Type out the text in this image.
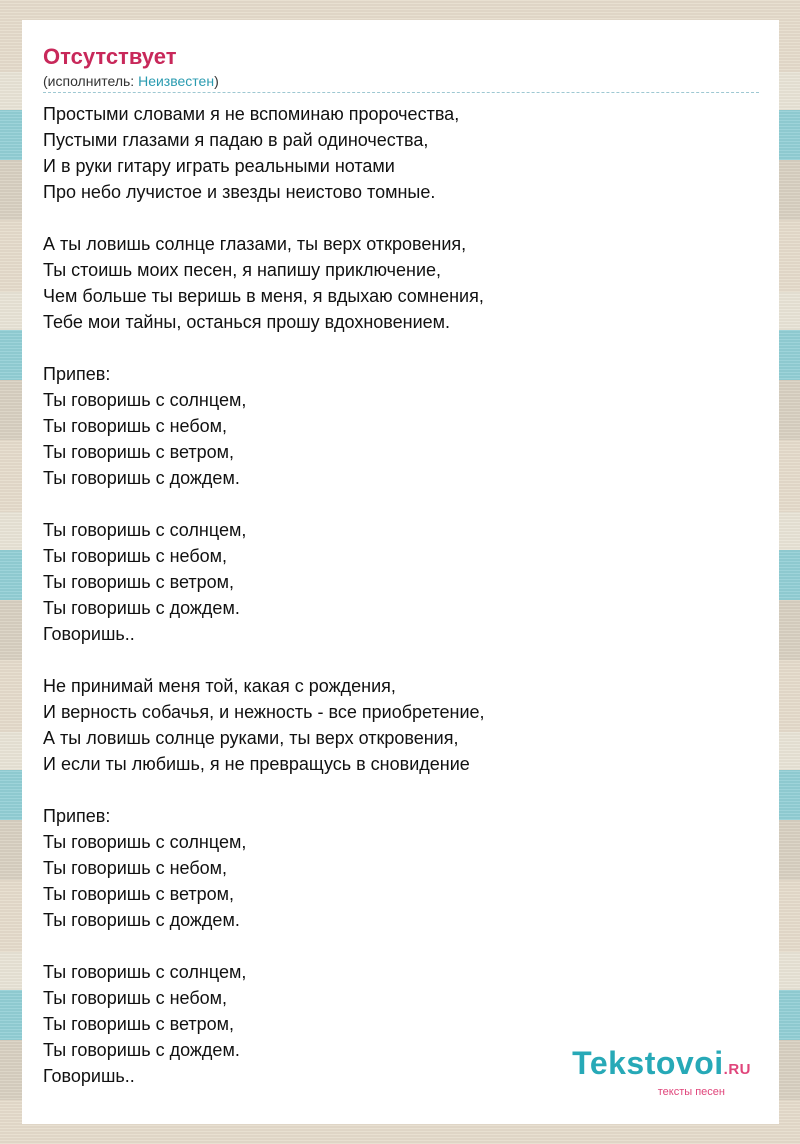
Отсутствует
(исполнитель: Неизвестен)
Простыми словами я не вспоминаю пророчества,
Пустыми глазами я падаю в рай одиночества,
И в руки гитару играть реальными нотами
Про небо лучистое и звезды неистово томные.
А ты ловишь солнце глазами, ты верх откровения,
Ты стоишь моих песен, я напишу приключение,
Чем больше ты веришь в меня, я вдыхаю сомнения,
Тебе мои тайны, останься прошу вдохновением.
Припев:
Ты говоришь с солнцем,
Ты говоришь с небом,
Ты говоришь с ветром,
Ты говоришь с дождем.
Ты говоришь с солнцем,
Ты говоришь с небом,
Ты говоришь с ветром,
Ты говоришь с дождем.
Говоришь..
Не принимай меня той, какая с рождения,
И верность собачья, и нежность - все приобретение,
А ты ловишь солнце руками, ты верх откровения,
И если ты любишь, я не превращусь в сновидение
Припев:
Ты говоришь с солнцем,
Ты говоришь с небом,
Ты говоришь с ветром,
Ты говоришь с дождем.
Ты говоришь с солнцем,
Ты говоришь с небом,
Ты говоришь с ветром,
Ты говоришь с дождем.
Говоришь..	Tekstovoi.RU
тексты песен
